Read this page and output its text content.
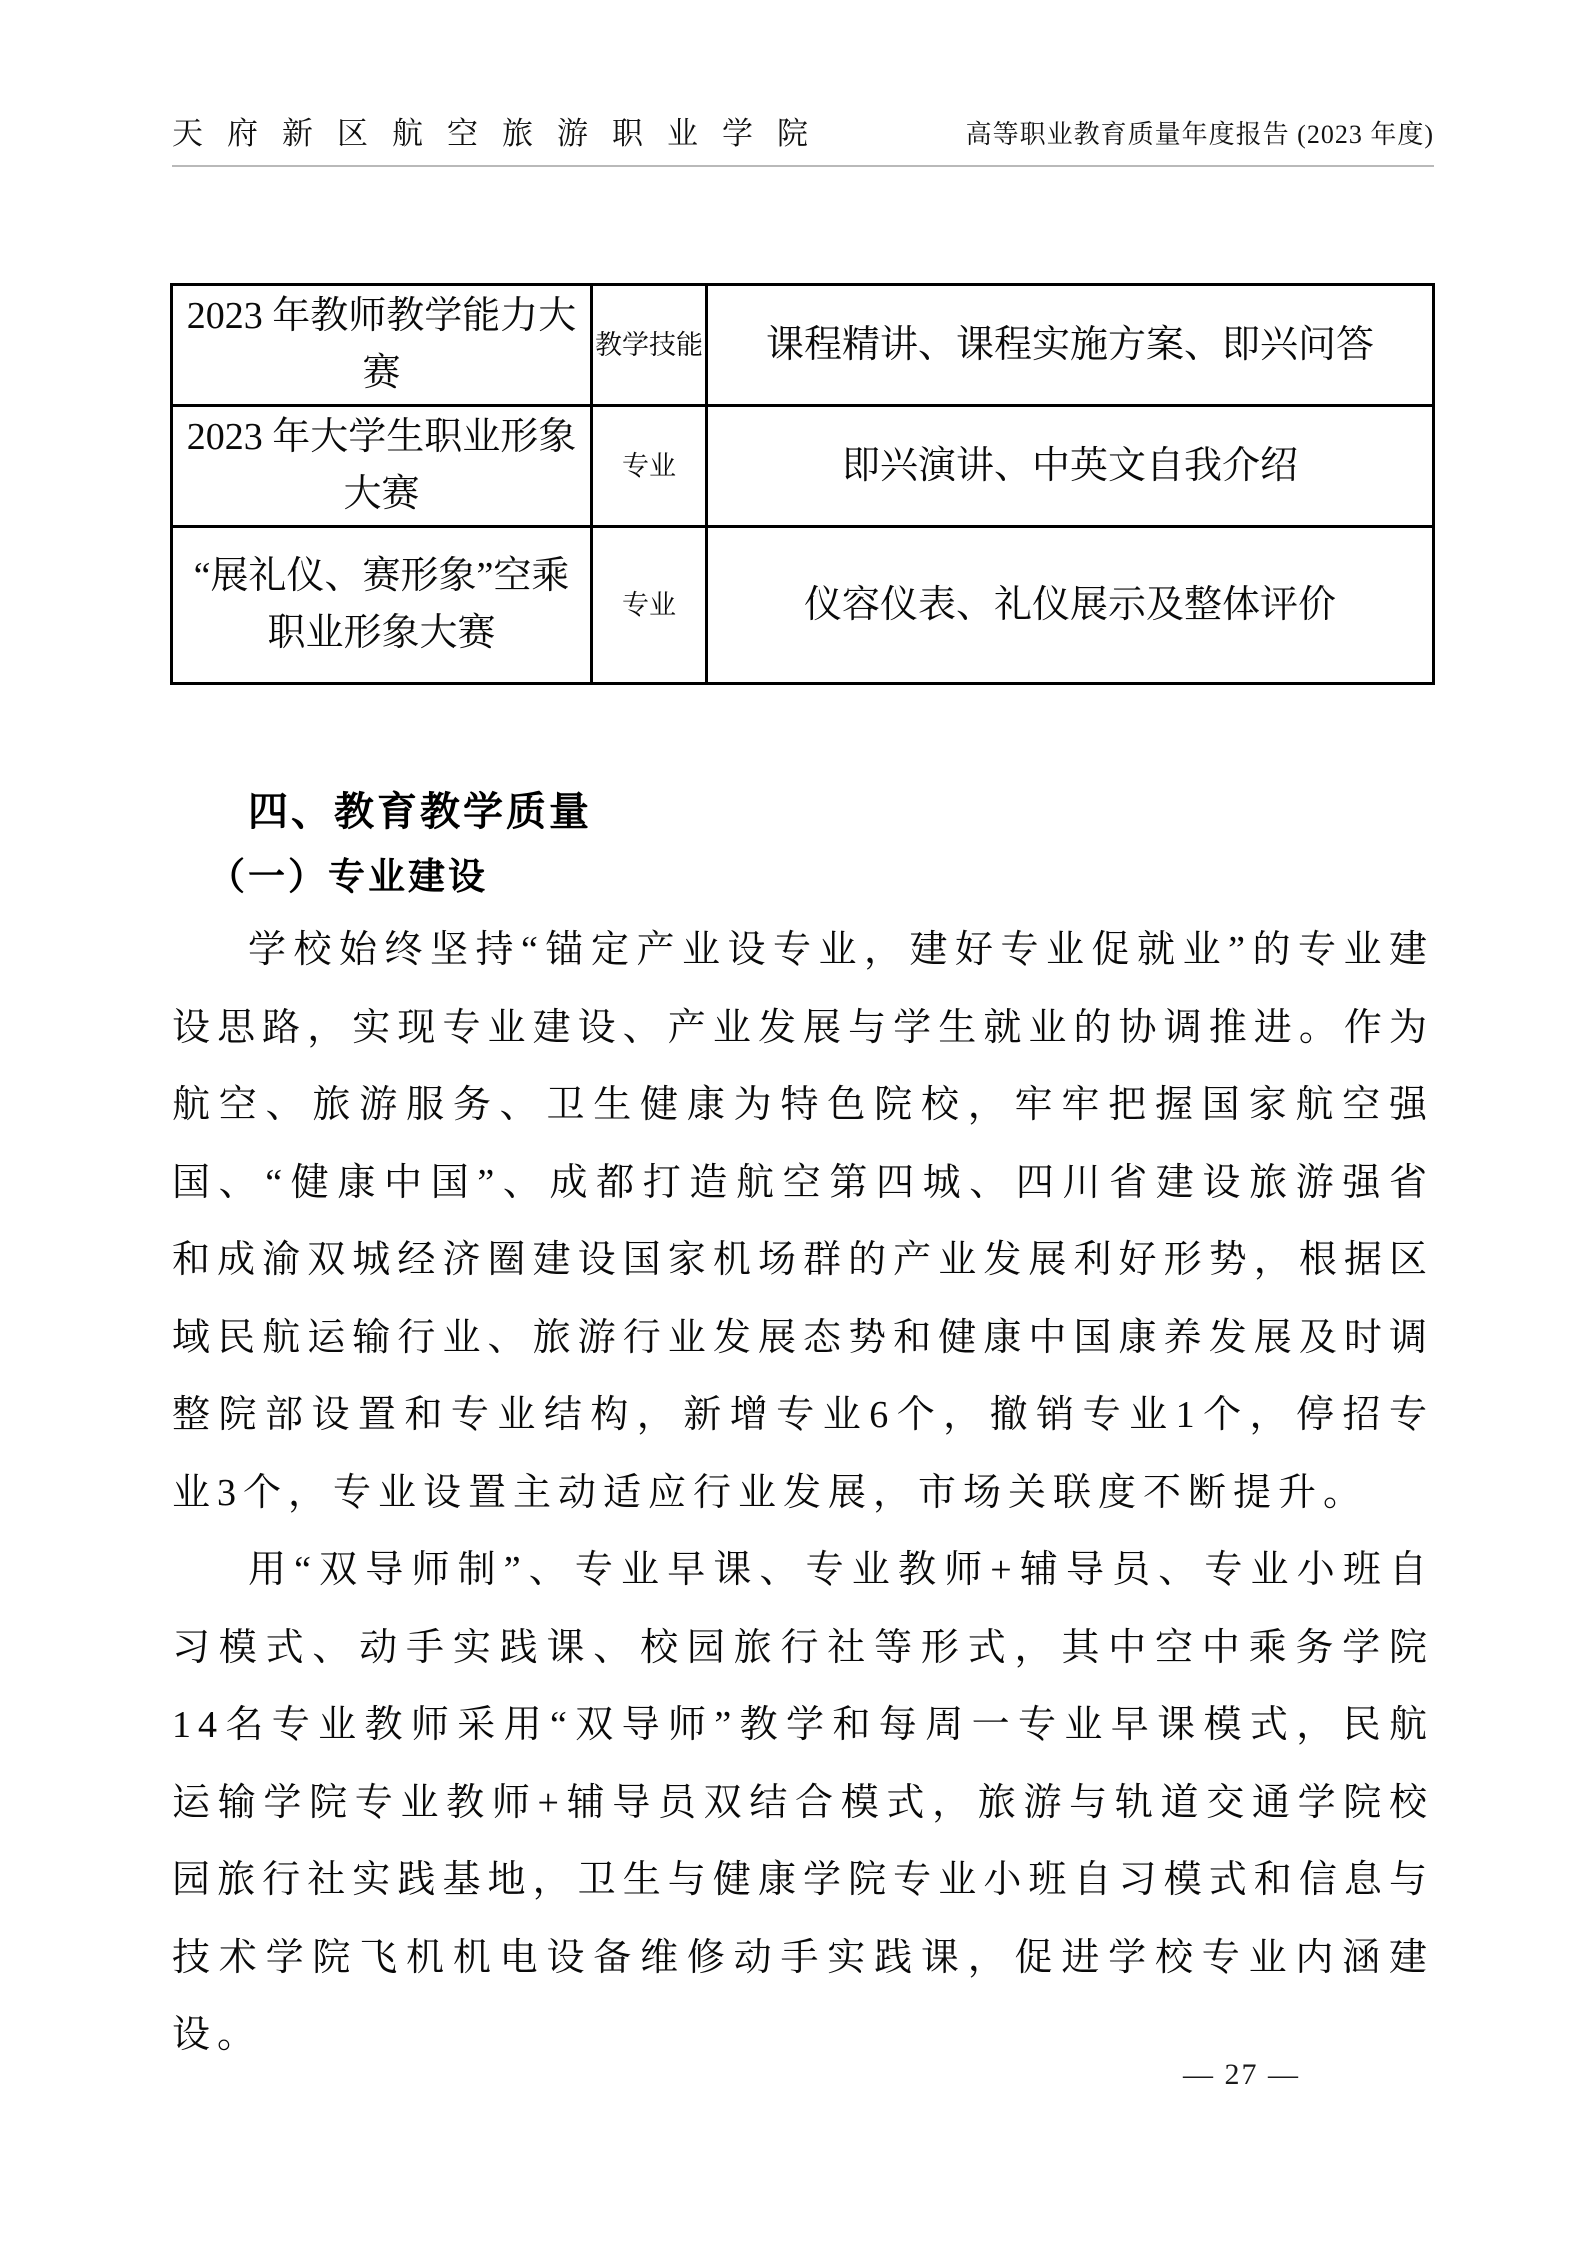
天府新区航空旅游职业学院	高等职业教育质量年度报告 (2023 年度)
2023 年教师教学能力大赛	教学技能	课程精讲、课程实施方案、即兴问答
2023 年大学生职业形象大赛	专业	即兴演讲、中英文自我介绍
“展礼仪、赛形象”空乘职业形象大赛	专业	仪容仪表、礼仪展示及整体评价
四、教育教学质量
（一）专业建设

学校始终坚持“锚定产业设专业，建好专业促就业”的专业建设思路，实现专业建设、产业发展与学生就业的协调推进。作为航空、旅游服务、卫生健康为特色院校，牢牢把握国家航空强国、“健康中国”、成都打造航空第四城、四川省建设旅游强省和成渝双城经济圈建设国家机场群的产业发展利好形势，根据区域民航运输行业、旅游行业发展态势和健康中国康养发展及时调整院部设置和专业结构，新增专业6个，撤销专业1个，停招专业3个，专业设置主动适应行业发展，市场关联度不断提升。

用“双导师制”、专业早课、专业教师+辅导员、专业小班自习模式、动手实践课、校园旅行社等形式，其中空中乘务学院14名专业教师采用“双导师”教学和每周一专业早课模式，民航运输学院专业教师+辅导员双结合模式，旅游与轨道交通学院校园旅行社实践基地，卫生与健康学院专业小班自习模式和信息与技术学院飞机机电设备维修动手实践课，促进学校专业内涵建设。

— 27 —
